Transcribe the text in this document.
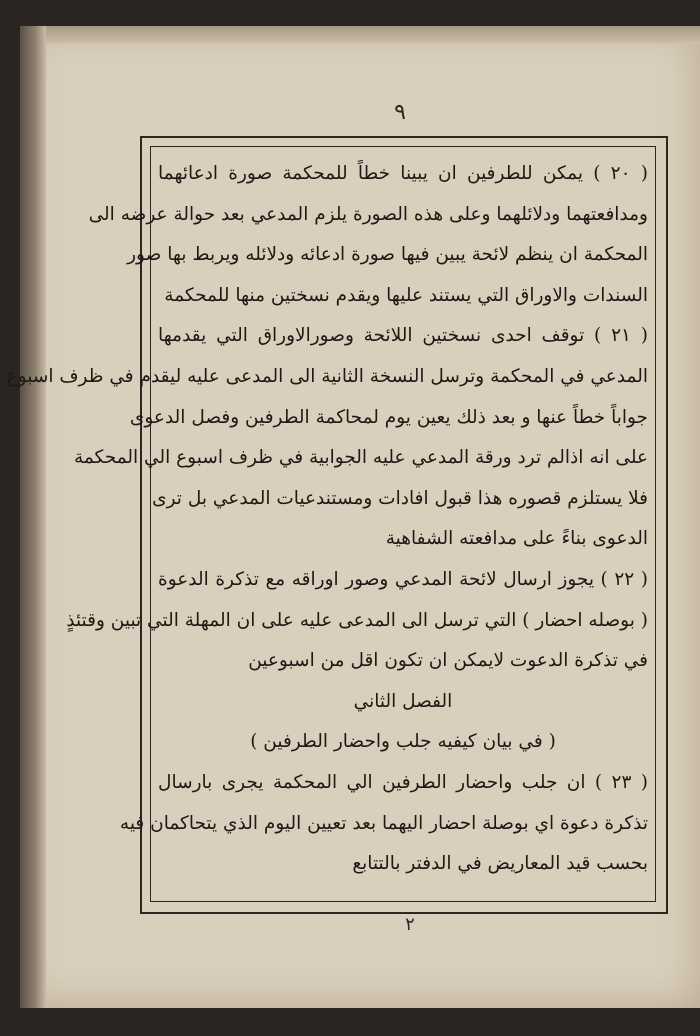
٩
( ٢٠ ) يمكن للطرفين ان يبينا خطاً للمحكمة صورة ادعائهما
ومدافعتهما ودلائلهما وعلى هذه الصورة يلزم المدعي بعد حوالة عرضه الى
المحكمة ان ينظم لائحة يبين فيها صورة ادعائه ودلائله ويربط بها صور
السندات والاوراق التي يستند عليها ويقدم نسختين منها للمحكمة
( ٢١ ) توقف احدى نسختين اللائحة وصورالاوراق التي يقدمها
المدعي في المحكمة وترسل النسخة الثانية الى المدعى عليه ليقدم في ظرف اسبوع
جواباً خطاً عنها و بعد ذلك يعين يوم لمحاكمة الطرفين وفصل الدعوى
على انه اذالم ترد ورقة المدعي عليه الجوابية في ظرف اسبوع الي المحكمة
فلا يستلزم قصوره هذا قبول افادات ومستندعيات المدعي بل ترى
الدعوى بناءً على مدافعته الشفاهية
( ٢٢ ) يجوز ارسال لائحة المدعي وصور اوراقه مع تذكرة الدعوة
( بوصله احضار ) التي ترسل الى المدعى عليه على ان المهلة التي تبين وقتئذٍ
في تذكرة الدعوت لايمكن ان تكون اقل من اسبوعين
الفصل الثاني
( في بيان كيفيه جلب واحضار الطرفين )
( ٢٣ ) ان جلب واحضار الطرفين الي المحكمة يجرى بارسال
تذكرة دعوة اي بوصلة احضار اليهما بعد تعيين اليوم الذي يتحاكمان فيه
بحسب قيد المعاريض في الدفتر بالتتابع
٢
